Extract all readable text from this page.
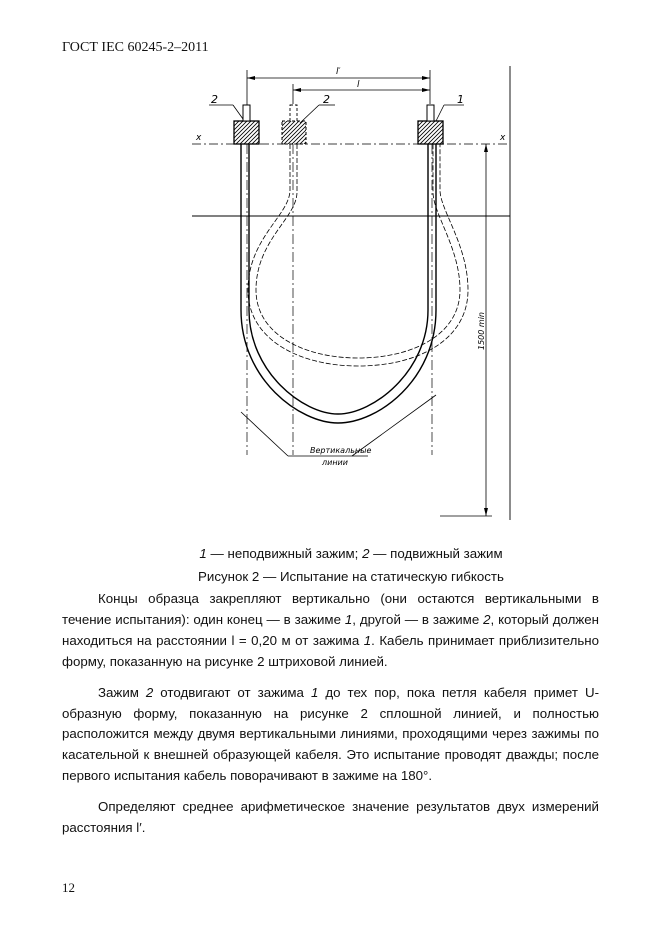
ГОСТ IEC 60245-2–2011
l′
l
2	2	1
x	x
Вертикальные
линии
1500 min
1 — неподвижный зажим; 2 — подвижный зажим
Рисунок 2 — Испытание на статическую гибкость

Концы образца закрепляют вертикально (они остаются вертикальными в течение испытания): один конец — в зажиме 1, другой — в зажиме 2, который должен находиться на расстоянии l = 0,20 м от зажима 1. Кабель принимает приблизительно форму, показанную на рисунке 2 штриховой линией.

Зажим 2 отодвигают от зажима 1 до тех пор, пока петля кабеля примет U-образную форму, показанную на рисунке 2 сплошной линией, и полностью расположится между двумя вертикальными линиями, проходящими через зажимы по касательной к внешней образующей кабеля. Это испытание проводят дважды; после первого испытания кабель поворачивают в зажиме на 180°.

Определяют среднее арифметическое значение результатов двух измерений расстояния l′.

12
